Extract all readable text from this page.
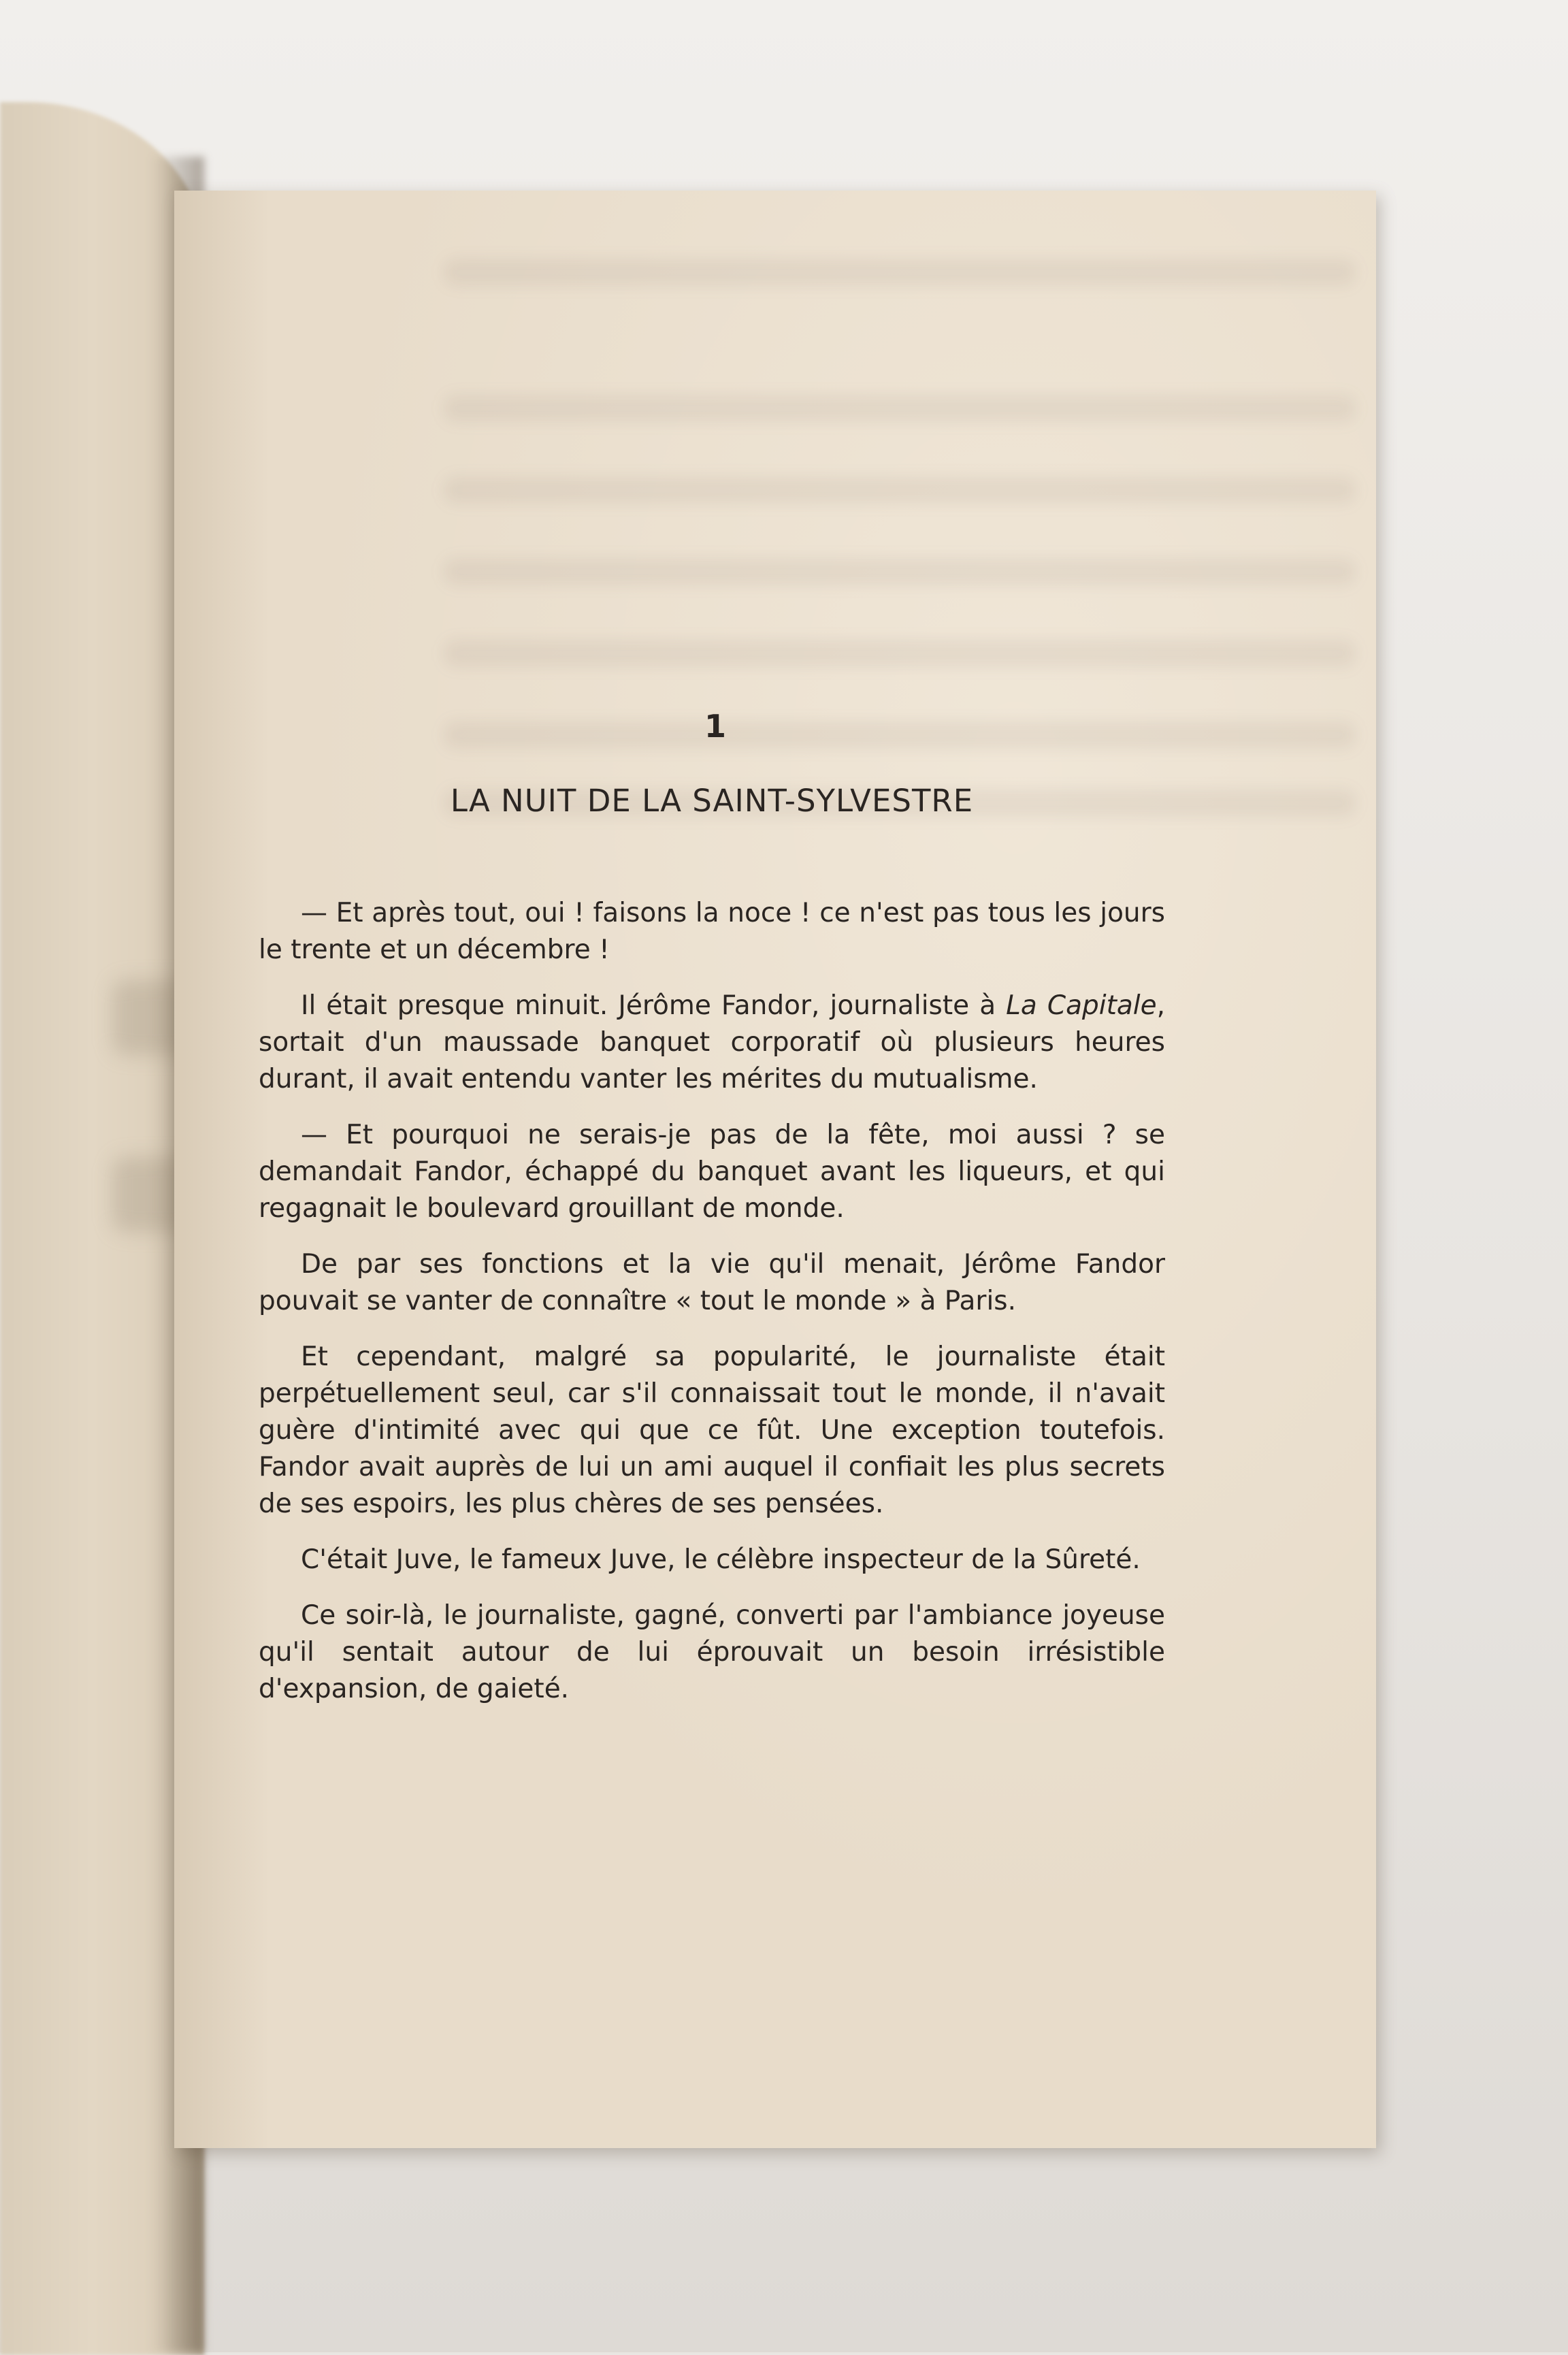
1
LA NUIT DE LA SAINT-SYLVESTRE

— Et après tout, oui ! faisons la noce ! ce n'est pas tous les jours le trente et un décembre !

Il était presque minuit. Jérôme Fandor, journaliste à La Capitale, sortait d'un maussade banquet corporatif où plusieurs heures durant, il avait entendu vanter les mérites du mutualisme.

— Et pourquoi ne serais-je pas de la fête, moi aussi ? se demandait Fandor, échappé du banquet avant les liqueurs, et qui regagnait le boulevard grouillant de monde.

De par ses fonctions et la vie qu'il menait, Jérôme Fandor pouvait se vanter de connaître « tout le monde » à Paris.

Et cependant, malgré sa popularité, le journaliste était perpétuellement seul, car s'il connaissait tout le monde, il n'avait guère d'intimité avec qui que ce fût. Une exception toutefois. Fandor avait auprès de lui un ami auquel il confiait les plus secrets de ses espoirs, les plus chères de ses pensées.

C'était Juve, le fameux Juve, le célèbre inspecteur de la Sûreté.

Ce soir-là, le journaliste, gagné, converti par l'ambiance joyeuse qu'il sentait autour de lui éprouvait un besoin irrésistible d'expansion, de gaieté.
